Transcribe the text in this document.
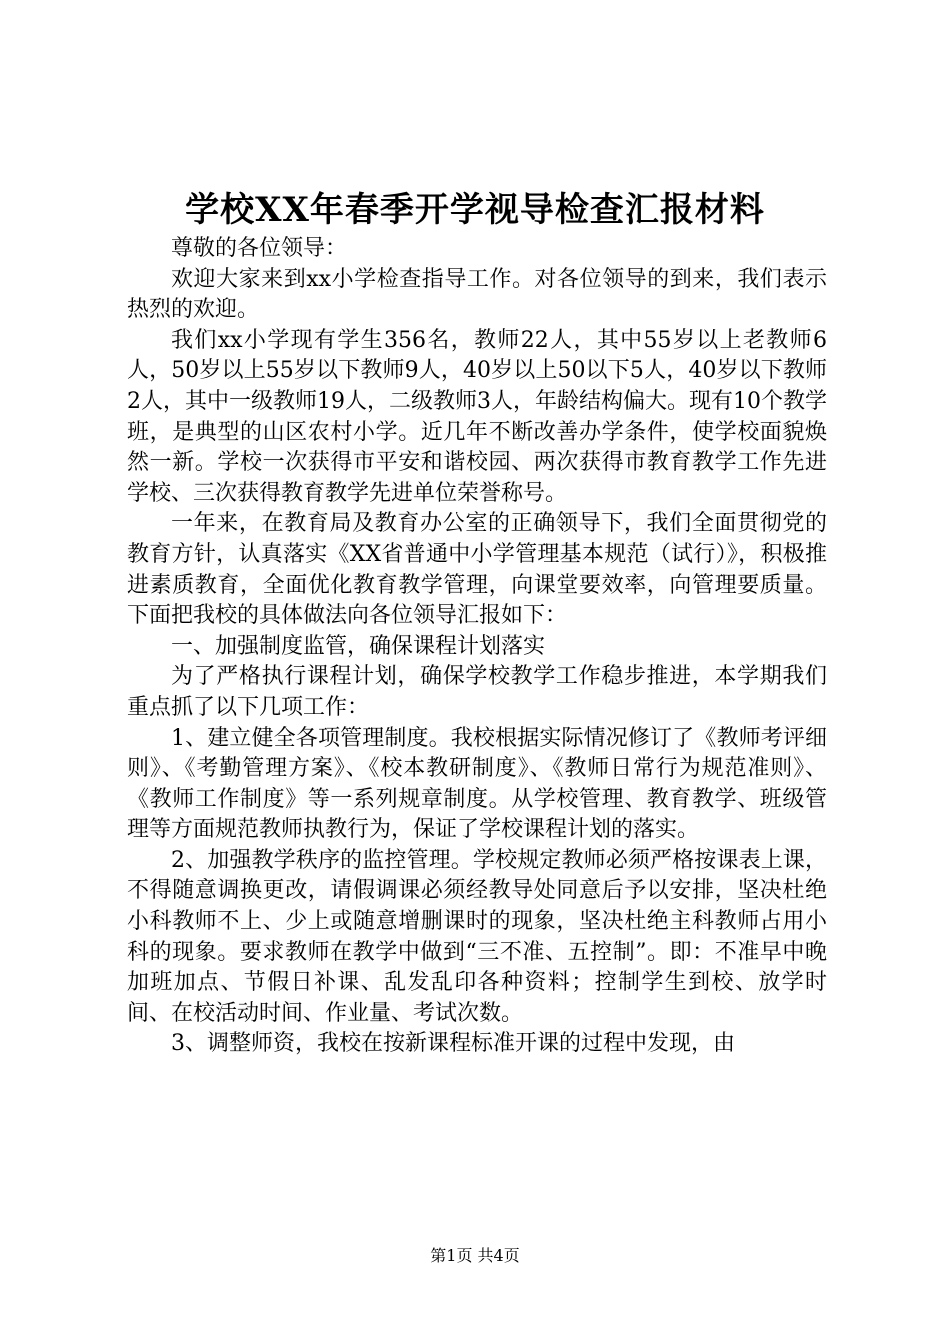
学校XX年春季开学视导检查汇报材料

尊敬的各位领导：

欢迎大家来到xx小学检查指导工作。对各位领导的到来，我们表示热烈的欢迎。

我们xx小学现有学生356名，教师22人，其中55岁以上老教师6人，50岁以上55岁以下教师9人，40岁以上50以下5人，40岁以下教师2人，其中一级教师19人，二级教师3人，年龄结构偏大。现有10个教学班，是典型的山区农村小学。近几年不断改善办学条件，使学校面貌焕然一新。学校一次获得市平安和谐校园、两次获得市教育教学工作先进学校、三次获得教育教学先进单位荣誉称号。

一年来，在教育局及教育办公室的正确领导下，我们全面贯彻党的教育方针，认真落实《XX省普通中小学管理基本规范（试行）》，积极推进素质教育，全面优化教育教学管理，向课堂要效率，向管理要质量。下面把我校的具体做法向各位领导汇报如下：

一、加强制度监管，确保课程计划落实

为了严格执行课程计划，确保学校教学工作稳步推进，本学期我们重点抓了以下几项工作：

1、建立健全各项管理制度。我校根据实际情况修订了《教师考评细则》、《考勤管理方案》、《校本教研制度》、《教师日常行为规范准则》、《教师工作制度》等一系列规章制度。从学校管理、教育教学、班级管理等方面规范教师执教行为，保证了学校课程计划的落实。

2、加强教学秩序的监控管理。学校规定教师必须严格按课表上课，不得随意调换更改，请假调课必须经教导处同意后予以安排，坚决杜绝小科教师不上、少上或随意增删课时的现象，坚决杜绝主科教师占用小科的现象。要求教师在教学中做到“三不准、五控制”。即：不准早中晚加班加点、节假日补课、乱发乱印各种资料；控制学生到校、放学时间、在校活动时间、作业量、考试次数。

3、调整师资，我校在按新课程标准开课的过程中发现，由

第1页 共4页
